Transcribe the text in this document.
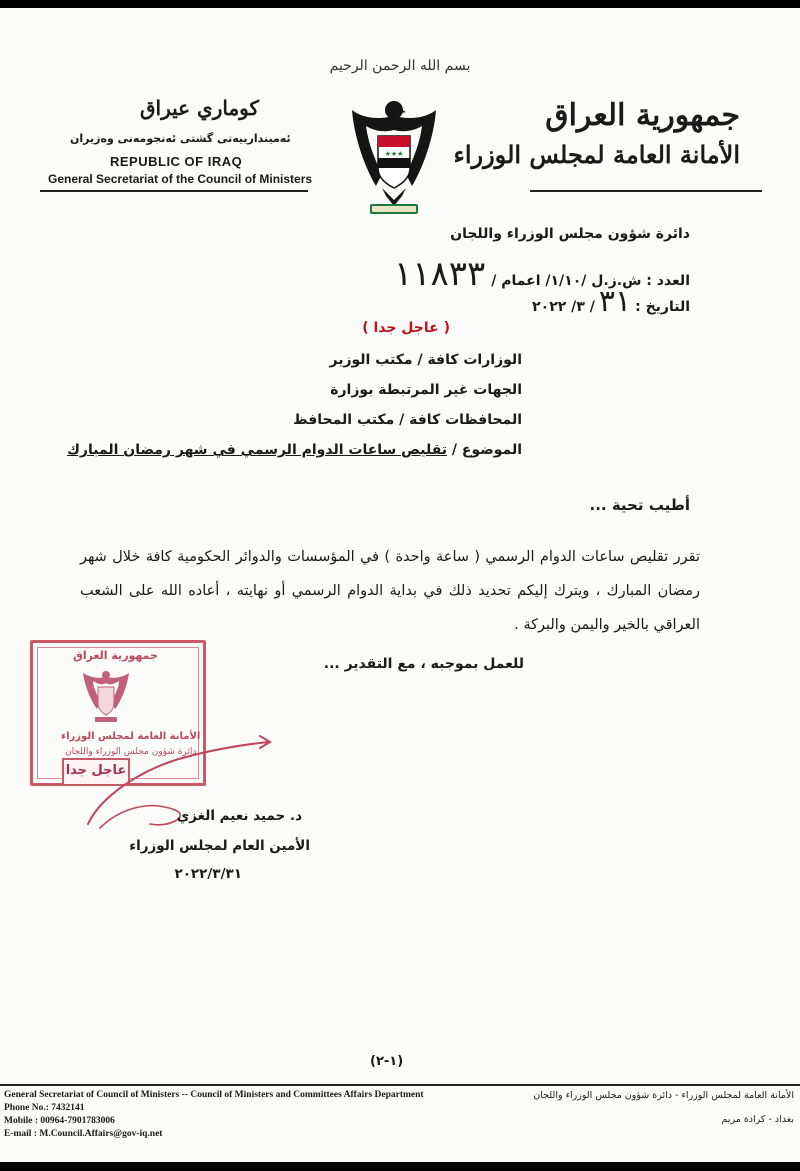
بسم الله الرحمن الرحيم
جمهورية العراق
الأمانة العامة لمجلس الوزراء
كوماري عيراق
ئەمیندارییەتی گشتی ئەنجومەنی وەزیران
REPUBLIC OF IRAQ
General Secretariat of the Council of Ministers
★★★
دائرة شؤون مجلس الوزراء واللجان
العدد : ش.ز.ل /١/١٠/ اعمام /
١١٨٣٣
التاريخ :
٣١
/ ٣/ ٢٠٢٢
( عاجل جدا )
الوزارات كافة / مكتب الوزير
الجهات غير المرتبطة بوزارة
المحافظات كافة / مكتب المحافظ
الموضوع / تقليص ساعات الدوام الرسمي في شهر رمضان المبارك
أطيب تحية ...
تقرر تقليص ساعات الدوام الرسمي ( ساعة واحدة ) في المؤسسات والدوائر الحكومية كافة خلال شهر رمضان المبارك ، ويترك إليكم تحديد ذلك في بداية الدوام الرسمي أو نهايته ، أعاده الله على الشعب العراقي بالخير واليمن والبركة .
للعمل بموجبه ، مع التقدير ...
جمهورية العراق
الأمانة العامة لمجلس الوزراء
دائرة شؤون مجلس الوزراء واللجان
عاجل جدا
د. حميد نعيم الغزي
الأمين العام لمجلس الوزراء
٢٠٢٢/٣/٣١
(١-٢)
General Secretariat of Council of Ministers -- Council of Ministers and Committees Affairs Department
Phone No.: 7432141
Mobile : 00964-7901783006
E-mail : M.Council.Affairs@gov-iq.net
الأمانة العامة لمجلس الوزراء - دائرة شؤون مجلس الوزراء واللجان
بغداد - كرادة مريم
